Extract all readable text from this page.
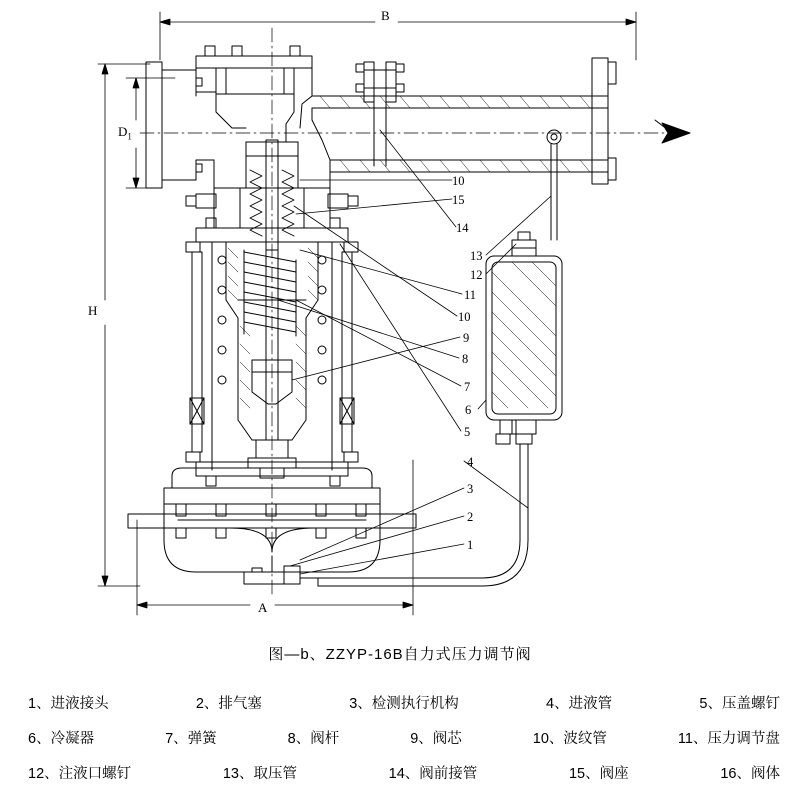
B
$D_1$
H
A
10
15
14
13
12
11
10
9
8
7
6
5
4
3
2
1
图—b、ZZYP-16B自力式压力调节阀
1、进液接头	2、排气塞	3、检测执行机构	4、进液管	5、压盖螺钉
6、冷凝器	7、弹簧	8、阀杆	9、阀芯	10、波纹管	11、压力调节盘
12、注液口螺钉	13、取压管	14、阀前接管	15、阀座	16、阀体
